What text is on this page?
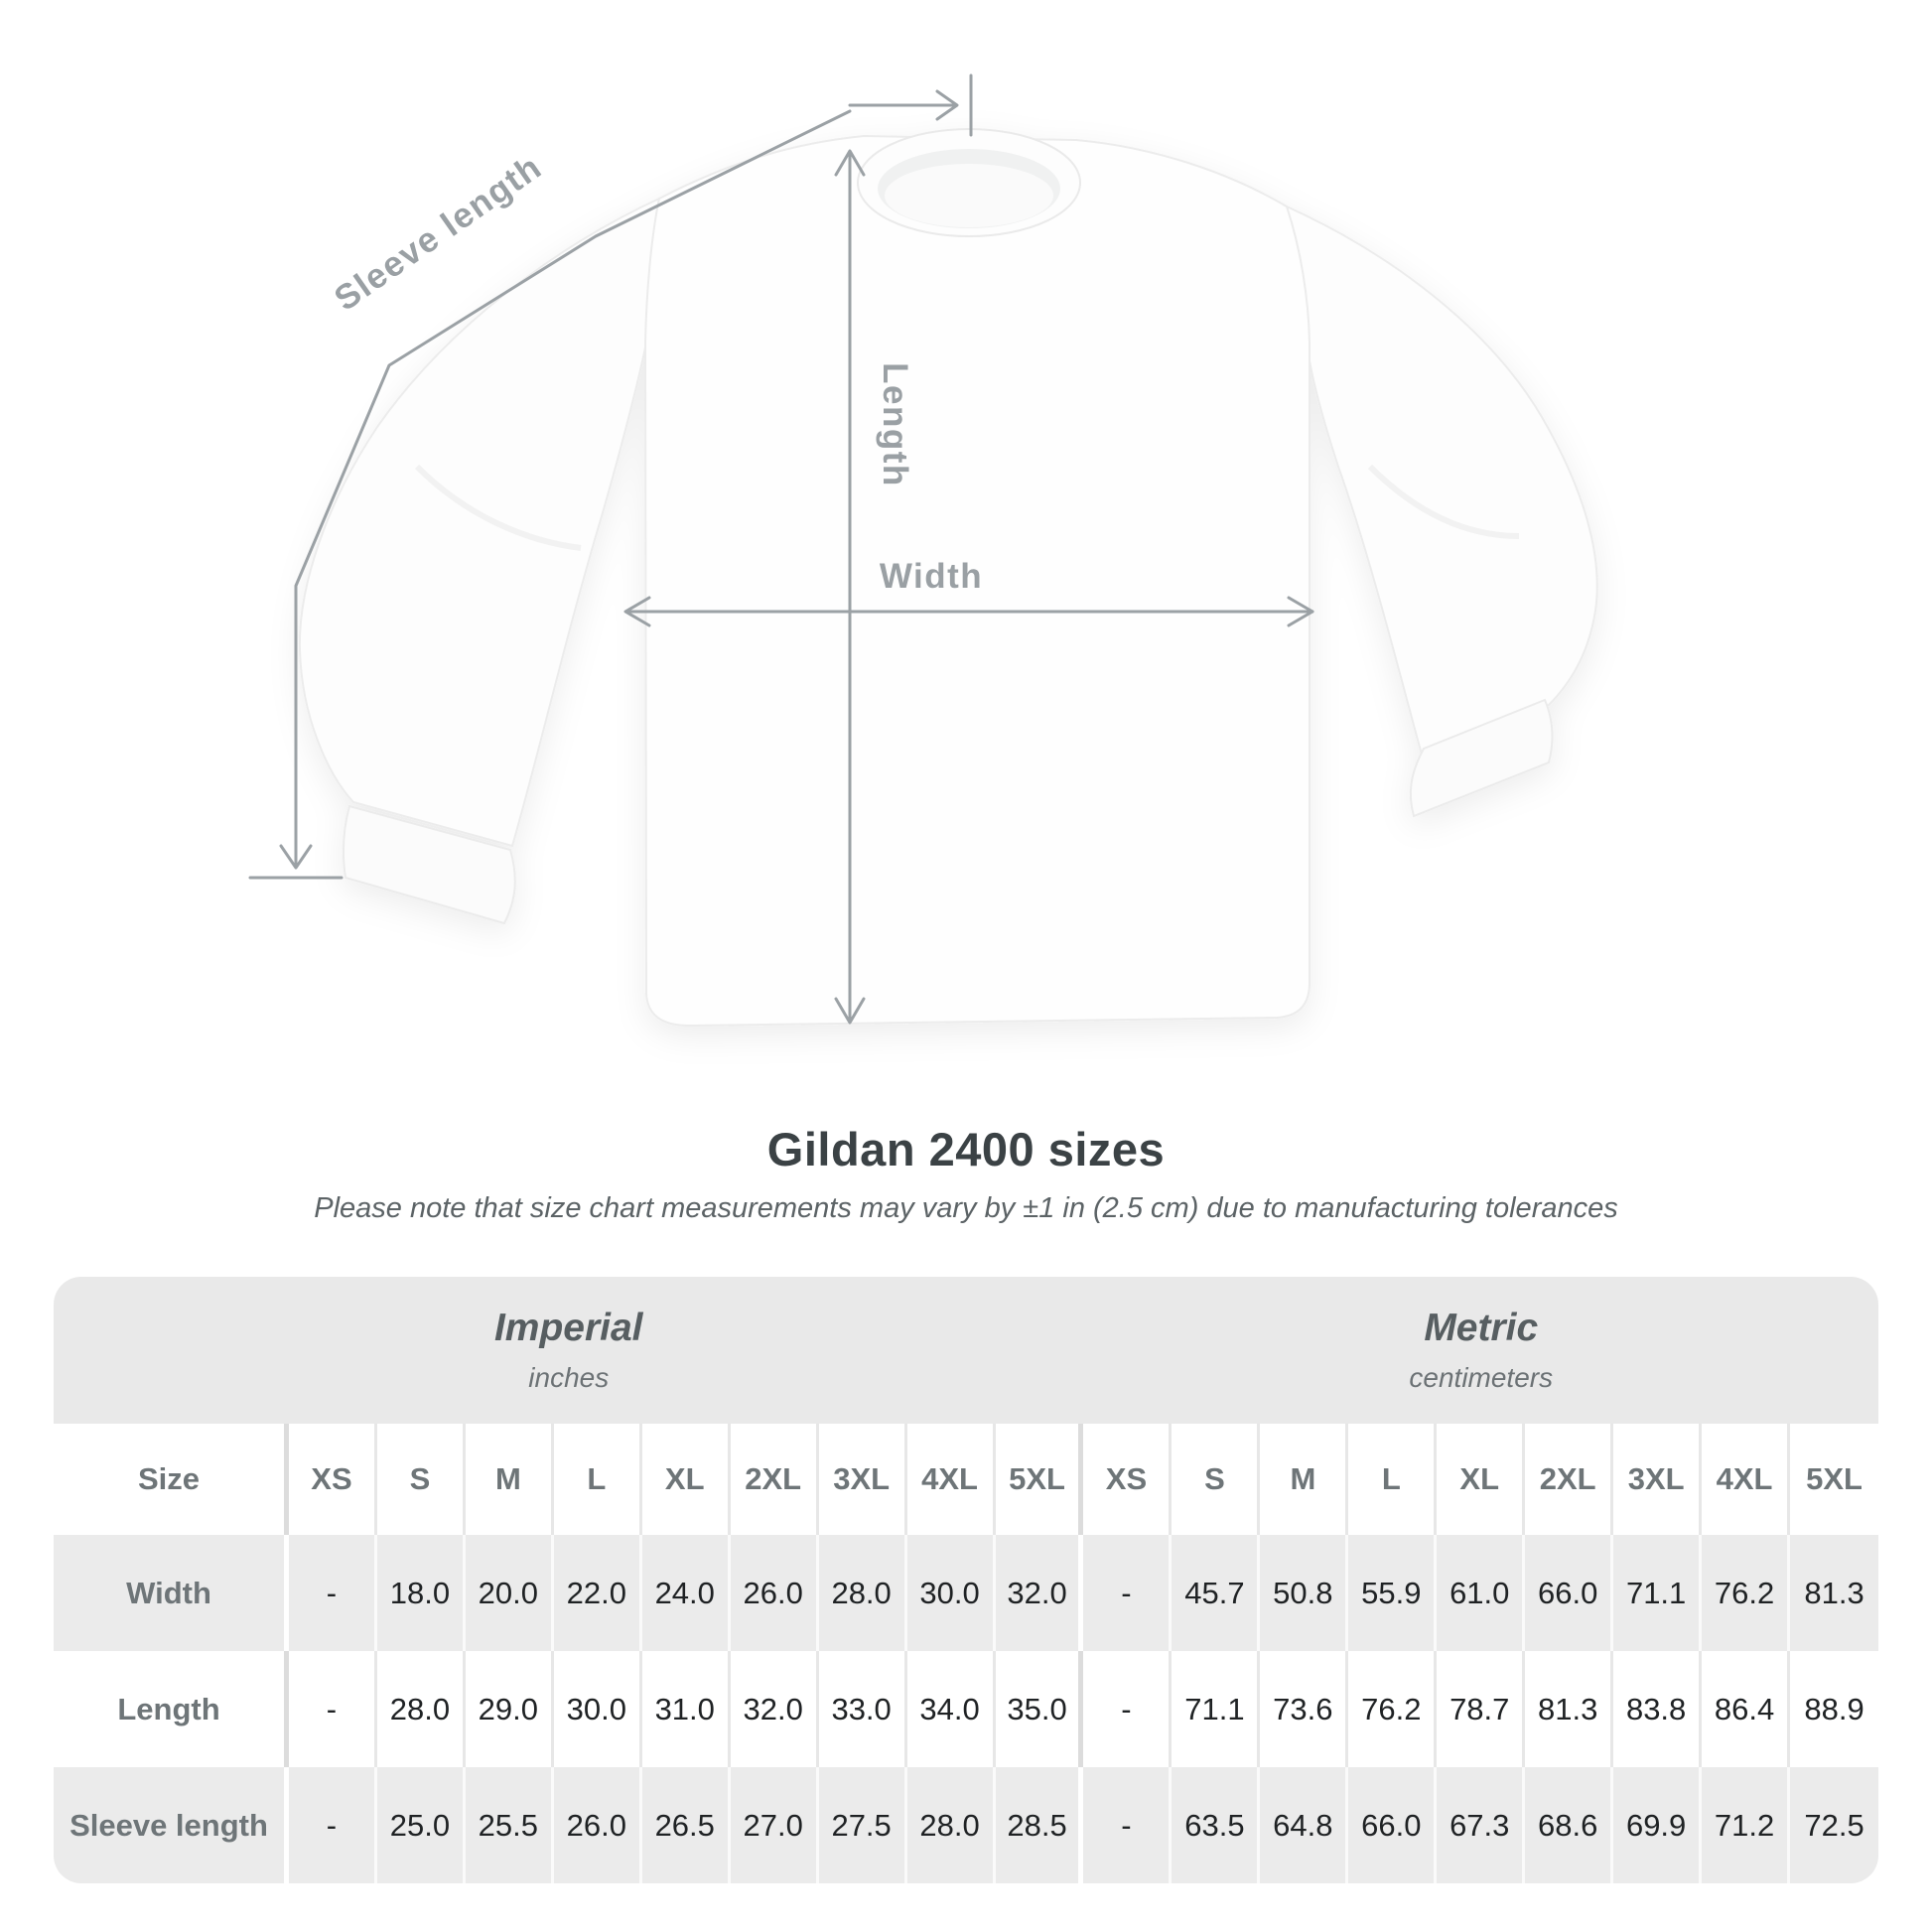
Sleeve length
Length
Width
Gildan 2400 sizes

Please note that size chart measurements may vary by ±1 in (2.5 cm) due to manufacturing tolerances

Imperial
inches
Metric
centimeters
Size	XS	S	M	L	XL	2XL	3XL	4XL	5XL	XS	S	M	L	XL	2XL	3XL	4XL	5XL
Width	-	18.0 20.0 22.0 24.0 26.0 28.0 30.0 32.0	-	45.7 50.8 55.9 61.0 66.0 71.1 76.2 81.3
Length	-	28.0 29.0 30.0 31.0 32.0 33.0 34.0 35.0	-	71.1 73.6 76.2 78.7 81.3 83.8 86.4 88.9
Sleeve length	-	25.0 25.5 26.0 26.5 27.0 27.5 28.0 28.5	-	63.5 64.8 66.0 67.3 68.6 69.9 71.2 72.5
